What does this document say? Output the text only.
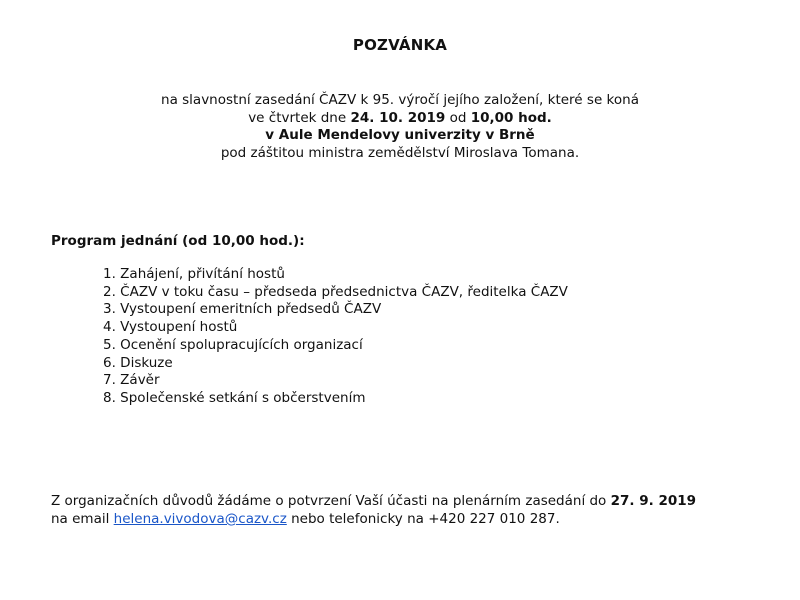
POZVÁNKA
na slavnostní zasedání ČAZV k 95. výročí jejího založení, které se koná
ve čtvrtek dne 24. 10. 2019 od 10,00 hod.
v Aule Mendelovy univerzity v Brně
pod záštitou ministra zemědělství Miroslava Tomana.
Program jednání (od 10,00 hod.):
1. Zahájení, přivítání hostů
2. ČAZV v toku času – předseda předsednictva ČAZV, ředitelka ČAZV
3. Vystoupení emeritních předsedů ČAZV
4. Vystoupení hostů
5. Ocenění spolupracujících organizací
6. Diskuze
7. Závěr
8. Společenské setkání s občerstvením
Z organizačních důvodů žádáme o potvrzení Vaší účasti na plenárním zasedání do 27. 9. 2019
na email helena.vivodova@cazv.cz nebo telefonicky na +420 227 010 287.
